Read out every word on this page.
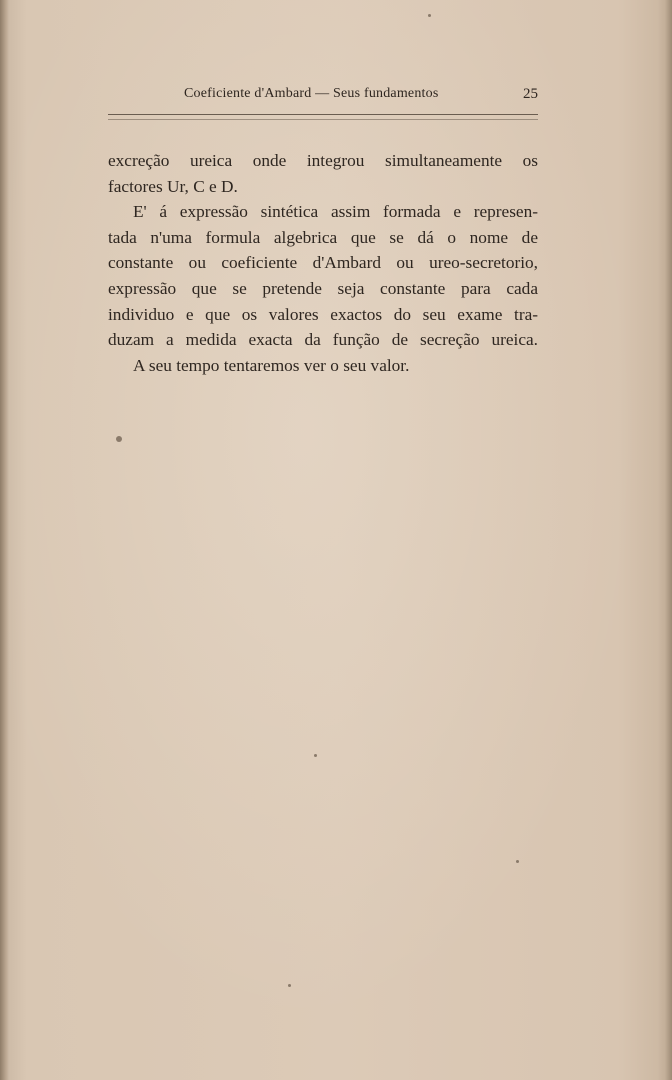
Coeficiente d'Ambard — Seus fundamentos	25
excreção ureica onde integrou simultaneamente os
factores Ur, C e D.
E' á expressão sintética assim formada e represen-
tada n'uma formula algebrica que se dá o nome de
constante ou coeficiente d'Ambard ou ureo-secretorio,
expressão que se pretende seja constante para cada
individuo e que os valores exactos do seu exame tra-
duzam a medida exacta da função de secreção ureica.
A seu tempo tentaremos ver o seu valor.
